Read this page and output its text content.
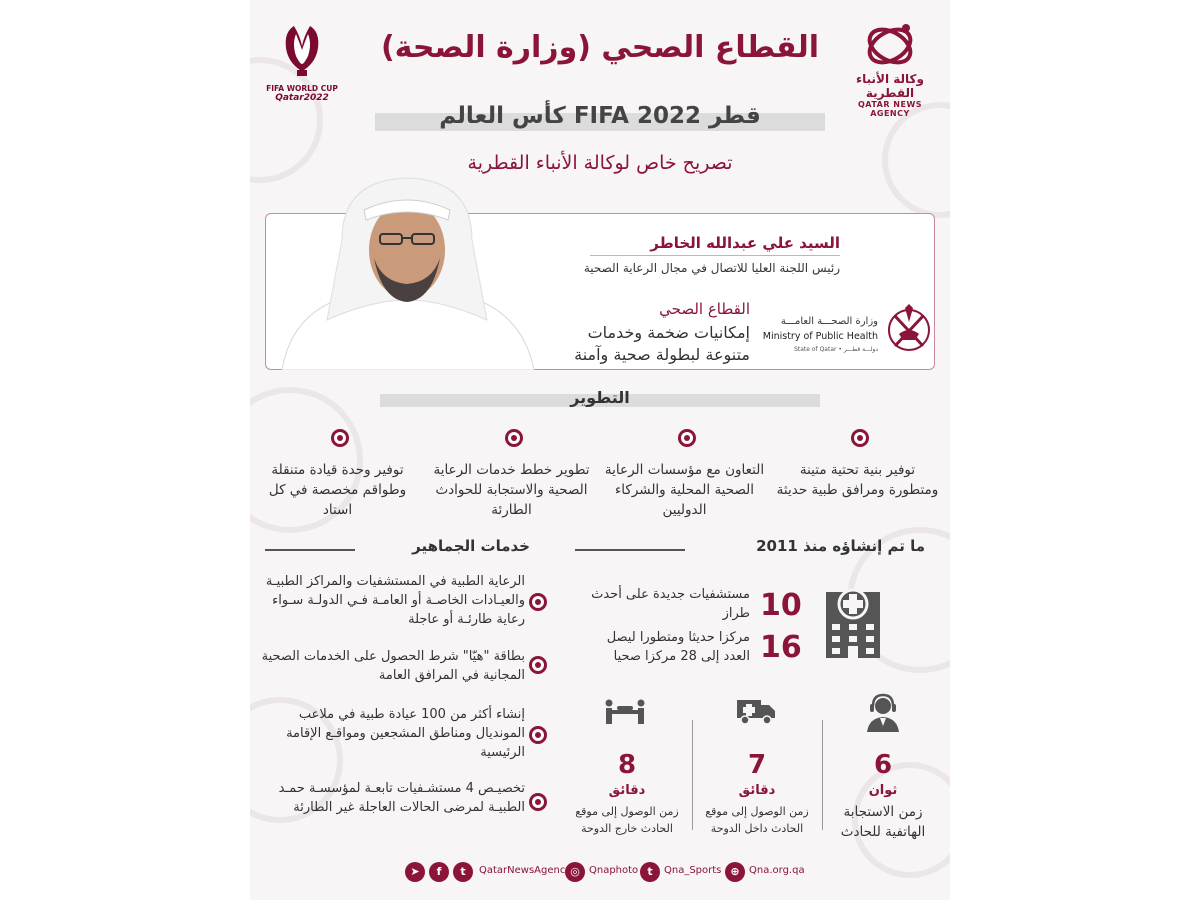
وكالة الأنباء القطرية
QATAR NEWS AGENCY
FIFA WORLD CUP
Qatar2022
القطاع الصحي (وزارة الصحة)
كأس العالم FIFA قطر 2022
تصريح خاص لوكالة الأنباء القطرية
السيد علي عبدالله الخاطر
رئيس اللجنة العليا للاتصال في مجال الرعاية الصحية
القطاع الصحي
إمكانيات ضخمة وخدمات
متنوعة لبطولة صحية وآمنة
وزارة الصحـــة العامـــة
Ministry of Public Health
State of Qatar • دولـــة قطـــر
التطوير
توفير بنية تحتية متينة ومتطورة ومرافق طبية حديثة
التعاون مع مؤسسات الرعاية الصحية المحلية والشركاء الدوليين
تطوير خطط خدمات الرعاية الصحية والاستجابة للحوادث الطارئة
توفير وحدة قيادة متنقلة وطواقم مخصصة في كل استاد
ما تم إنشاؤه منذ 2011
خدمات الجماهير
الرعاية الطبية في المستشفيات والمراكز الطبيـة والعيـادات الخاصـة أو العامـة فـي الدولـة سـواء رعاية طارئـة أو عاجلة
بطاقة "هيّا" شرط الحصول على الخدمات الصحية المجانية في المرافق العامة
إنشاء أكثر من 100 عيادة طبية في ملاعب المونديال ومناطق المشجعين ومواقـع الإقامة الرئيسية
تخصيـص 4 مستشـفيات تابعـة لمؤسسـة حمـد الطبيـة لمرضى الحالات العاجلة غير الطارئة
10
مستشفيات جديدة على أحدث طراز
16
مركزا حديثا ومتطورا ليصل العدد إلى 28 مركزا صحيا
6
ثوان
زمن الاستجابة الهاتفية للحادث
7
دقائق
زمن الوصول إلى موقع الحادث داخل الدوحة
8
دقائق
زمن الوصول إلى موقع الحادث خارج الدوحة
⊕ Qna.org.qa
t	Qna_Sports
◎ Qnaphoto
➤	f	t	QatarNewsAgency
